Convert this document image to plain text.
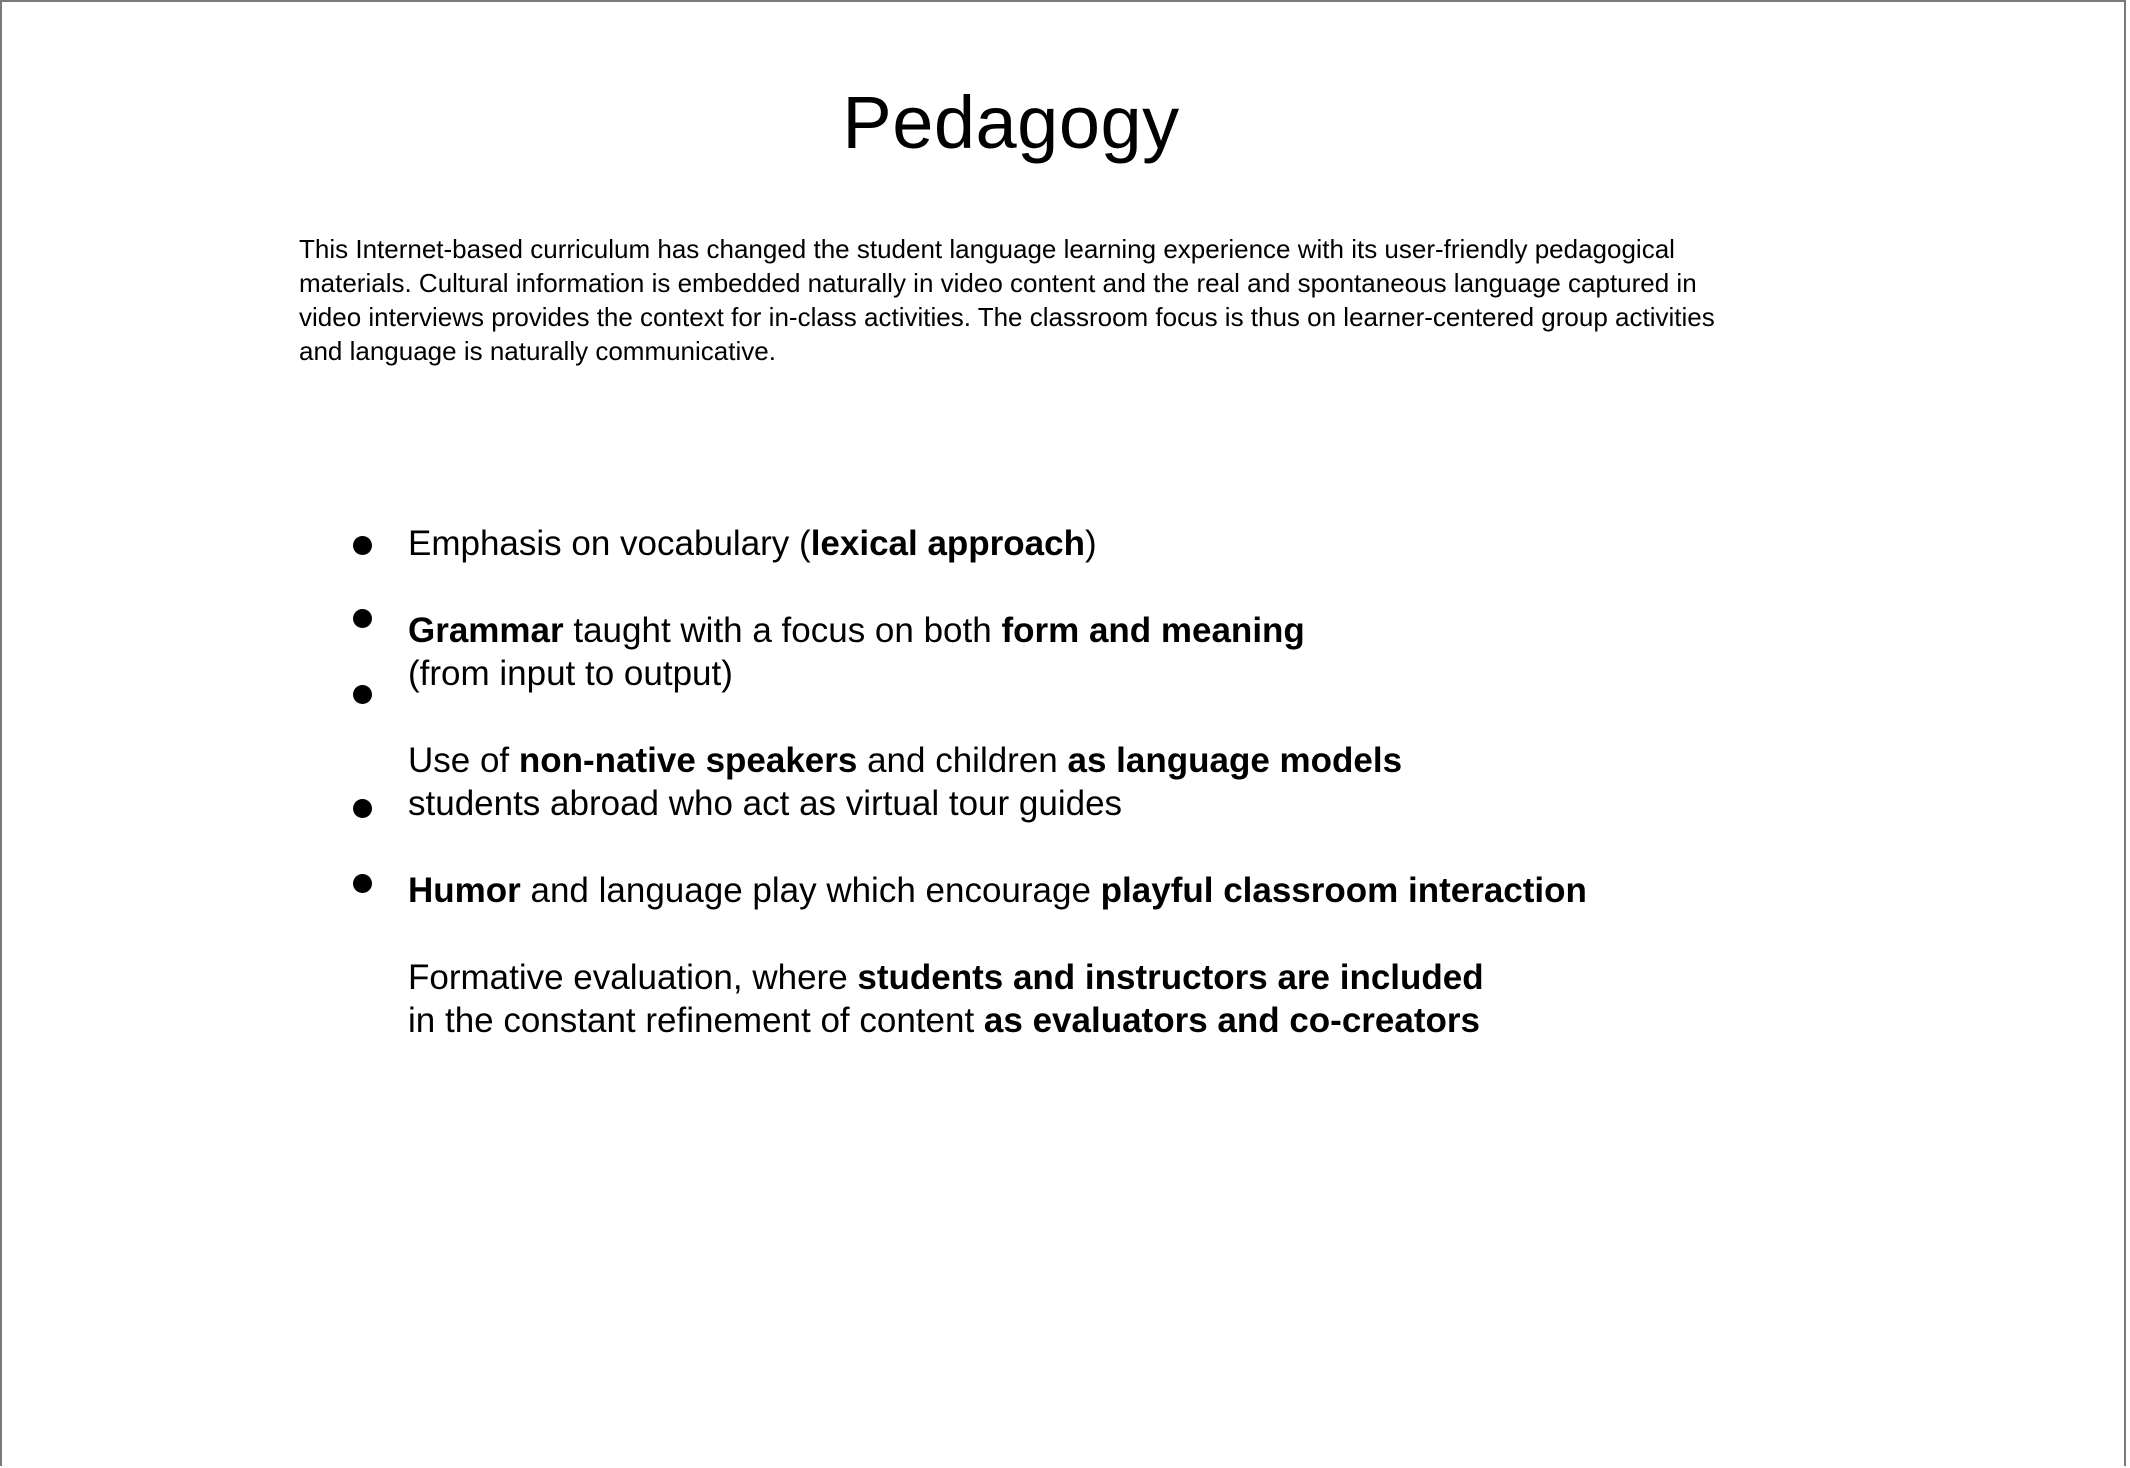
Pedagogy

This Internet-based curriculum has changed the student language learning experience with its user-friendly pedagogical materials. Cultural information is embedded naturally in video content and the real and spontaneous language captured in video interviews provides the context for in-class activities. The classroom focus is thus on learner-centered group activities and language is naturally communicative.

Emphasis on vocabulary (lexical approach)

Grammar taught with a focus on both form and meaning

(from input to output)

Use of non-native speakers and children as language models

students abroad who act as virtual tour guides

Humor and language play which encourage playful classroom interaction

Formative evaluation, where students and instructors are included

in the constant refinement of content as evaluators and co-creators
